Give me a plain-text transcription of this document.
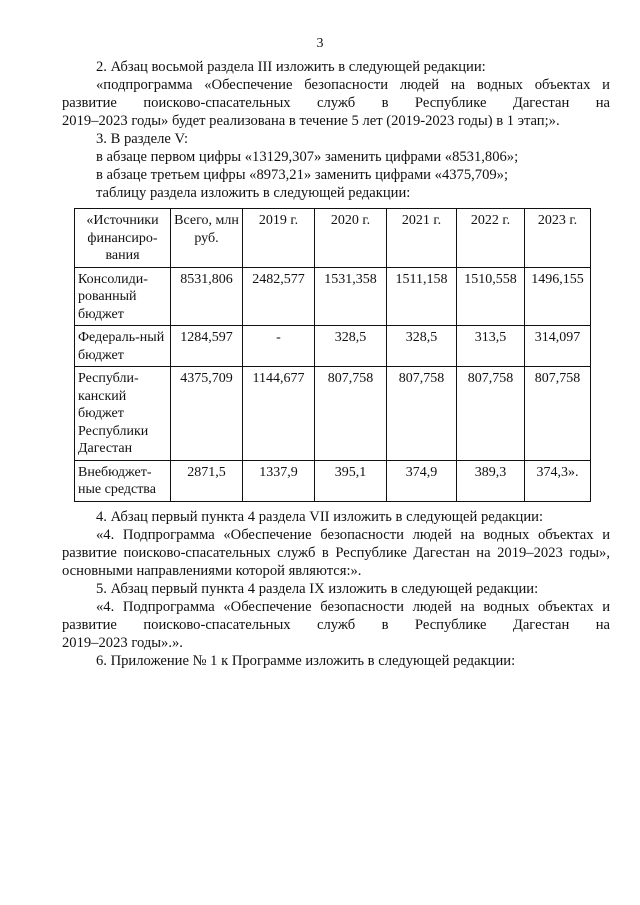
3

2. Абзац восьмой раздела III изложить в следующей редакции:

«подпрограмма «Обеспечение безопасности людей на водных объектах и развитие поисково-спасательных служб в Республике Дагестан на

2019–2023 годы» будет реализована в течение 5 лет (2019-2023 годы) в 1 этап;».

3. В разделе V:

в абзаце первом цифры «13129,307» заменить цифрами «8531,806»;

в абзаце третьем цифры «8973,21» заменить цифрами «4375,709»;

таблицу раздела изложить в следующей редакции:

«Источники финансиро-вания	Всего, млн руб.	2019 г.	2020 г.	2021 г.	2022 г.	2023 г.
Консолиди-рованный бюджет	8531,806	2482,577	1531,358	1511,158	1510,558	1496,155
Федераль-ный бюджет	1284,597	-	328,5	328,5	313,5	314,097
Республи-канский бюджет Республики Дагестан	4375,709	1144,677	807,758	807,758	807,758	807,758
Внебюджет-ные средства	2871,5	1337,9	395,1	374,9	389,3	374,3».

4. Абзац первый пункта 4 раздела VII изложить в следующей редакции:

«4. Подпрограмма «Обеспечение безопасности людей на водных объектах и развитие поисково-спасательных служб в Республике Дагестан на 2019–2023 годы»,

основными направлениями которой являются:».

5. Абзац первый пункта 4 раздела IX изложить в следующей редакции:

«4. Подпрограмма «Обеспечение безопасности людей на водных объектах и развитие поисково-спасательных служб в Республике Дагестан на

2019–2023 годы».».

6. Приложение № 1 к Программе изложить в следующей редакции:
